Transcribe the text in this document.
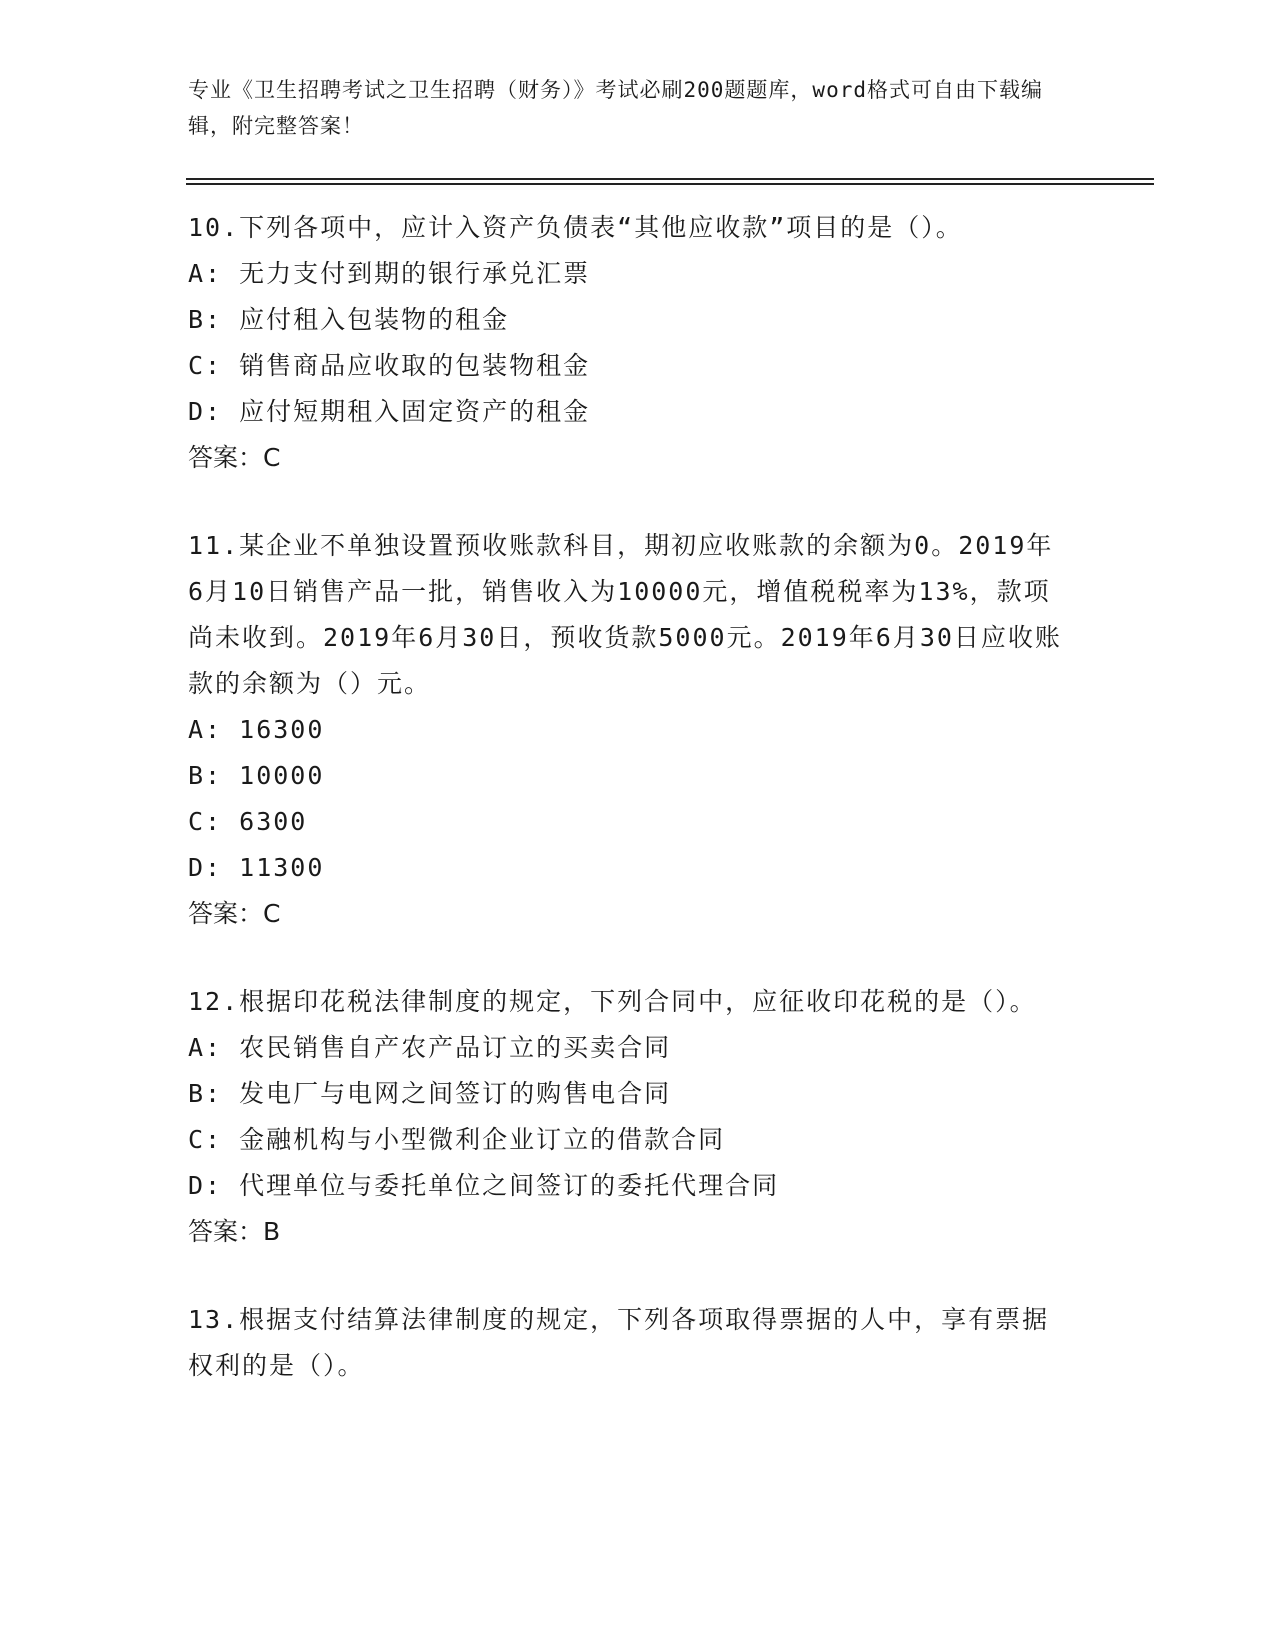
专业《卫生招聘考试之卫生招聘（财务）》考试必刷200题题库，word格式可自由下载编辑，附完整答案！

10.下列各项中，应计入资产负债表“其他应收款”项目的是（）。

A: 无力支付到期的银行承兑汇票

B: 应付租入包装物的租金

C: 销售商品应收取的包装物租金

D: 应付短期租入固定资产的租金

答案：C

11.某企业不单独设置预收账款科目，期初应收账款的余额为0。2019年6月10日销售产品一批，销售收入为10000元，增值税税率为13%，款项尚未收到。2019年6月30日，预收货款5000元。2019年6月30日应收账款的余额为（）元。

A: 16300

B: 10000

C: 6300

D: 11300

答案：C

12.根据印花税法律制度的规定，下列合同中，应征收印花税的是（）。

A: 农民销售自产农产品订立的买卖合同

B: 发电厂与电网之间签订的购售电合同

C: 金融机构与小型微利企业订立的借款合同

D: 代理单位与委托单位之间签订的委托代理合同

答案：B

13.根据支付结算法律制度的规定，下列各项取得票据的人中，享有票据权利的是（）。
